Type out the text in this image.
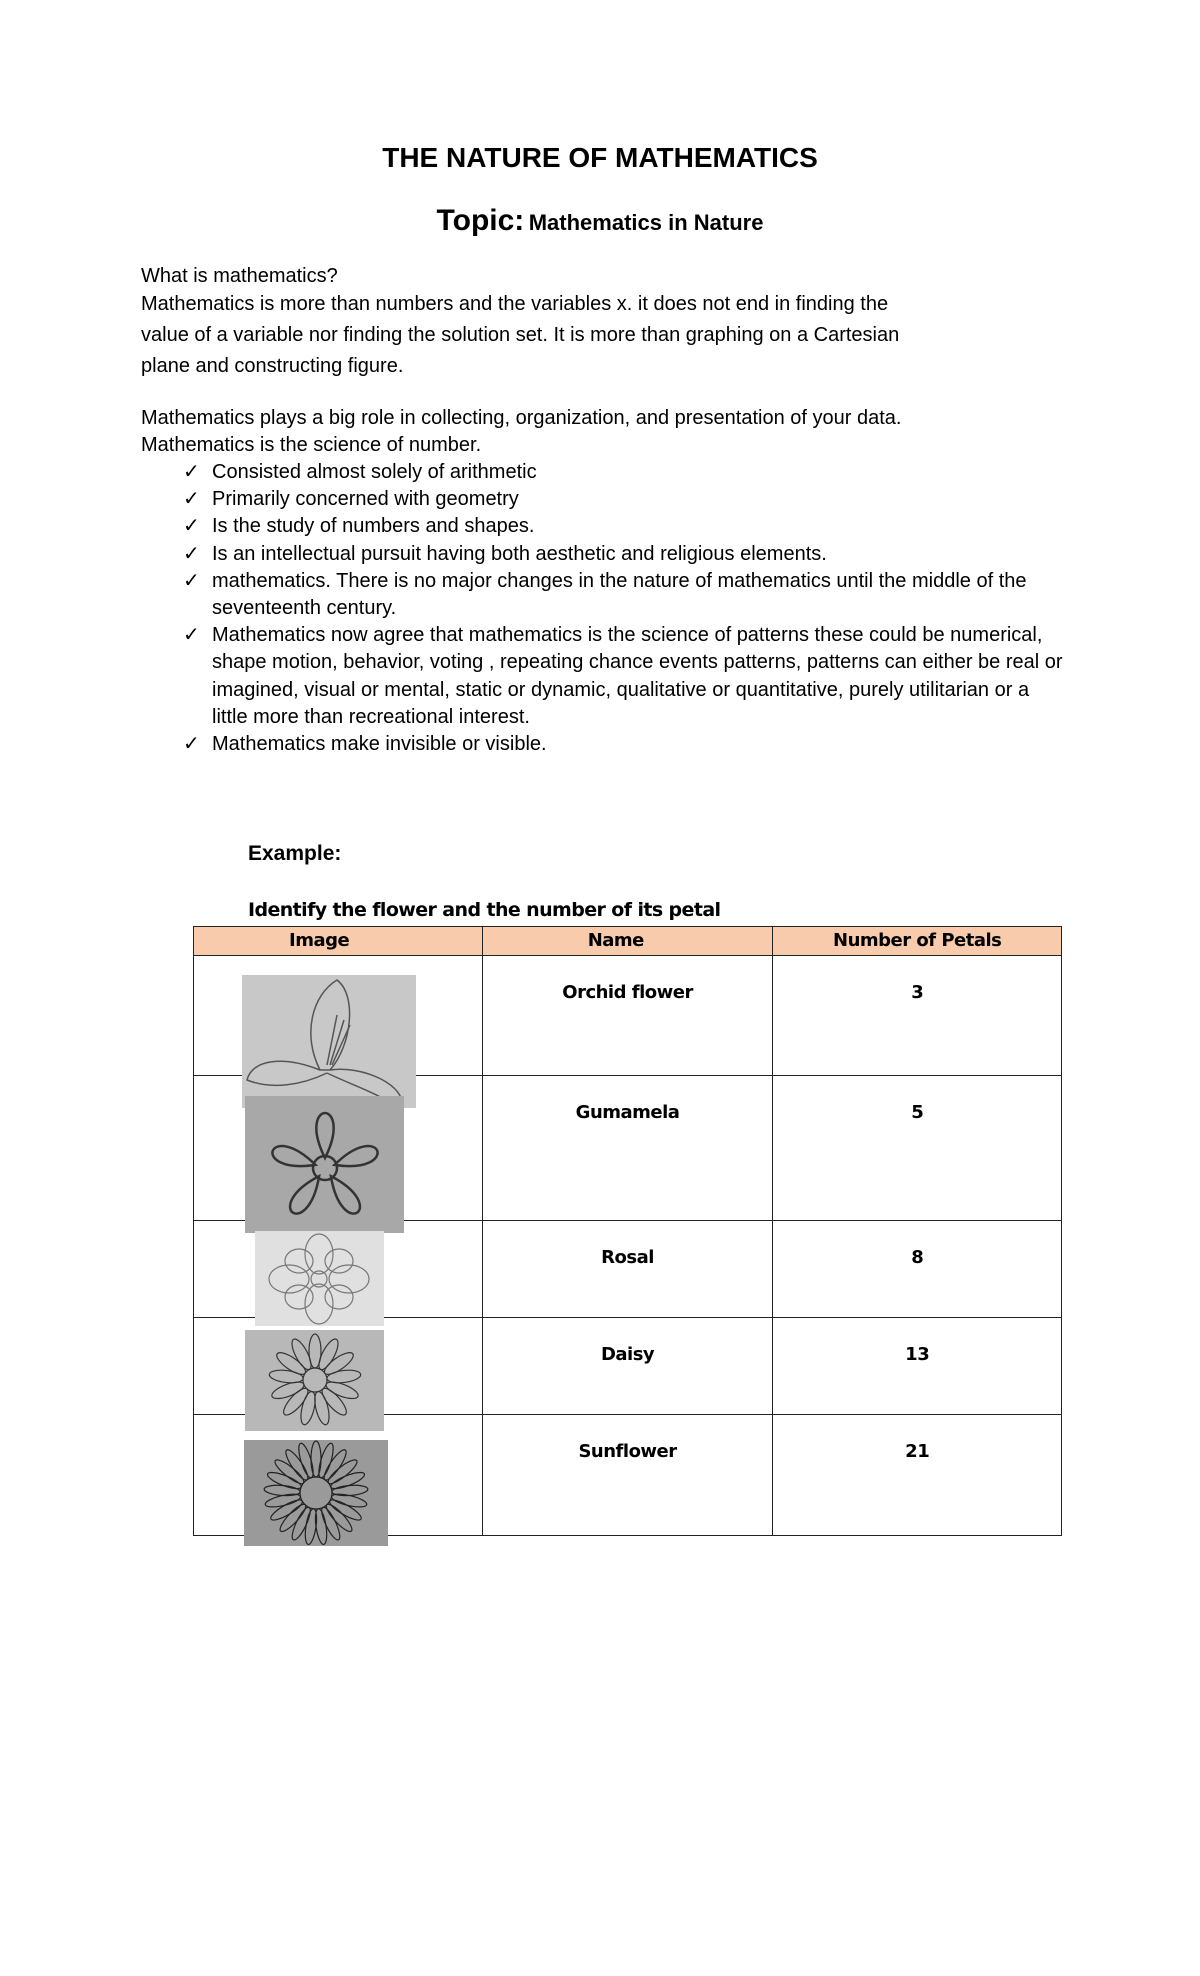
THE NATURE OF MATHEMATICS
Topic: Mathematics in Nature
What is mathematics?
Mathematics is more than numbers and the variables x. it does not end in finding the
value of a variable nor finding the solution set. It is more than graphing on a Cartesian
plane and constructing figure.
Mathematics plays a big role in collecting, organization, and presentation of your data.
Mathematics is the science of number.
✓ Consisted almost solely of arithmetic
✓ Primarily concerned with geometry
✓ Is the study of numbers and shapes.
✓ Is an intellectual pursuit having both aesthetic and religious elements.
✓ mathematics. There is no major changes in the nature of mathematics until the middle of the seventeenth century.
✓ Mathematics now agree that mathematics is the science of patterns these could be numerical, shape motion, behavior, voting , repeating chance events patterns, patterns can either be real or imagined, visual or mental, static or dynamic, qualitative or quantitative, purely utilitarian or a little more than recreational interest.
✓ Mathematics make invisible or visible.
Example:
Identify the flower and the number of its petal
Image	Name	Number of Petals

	Orchid flower	3

	Gumamela	5

	Rosal	8

	Daisy	13

	Sunflower	21
